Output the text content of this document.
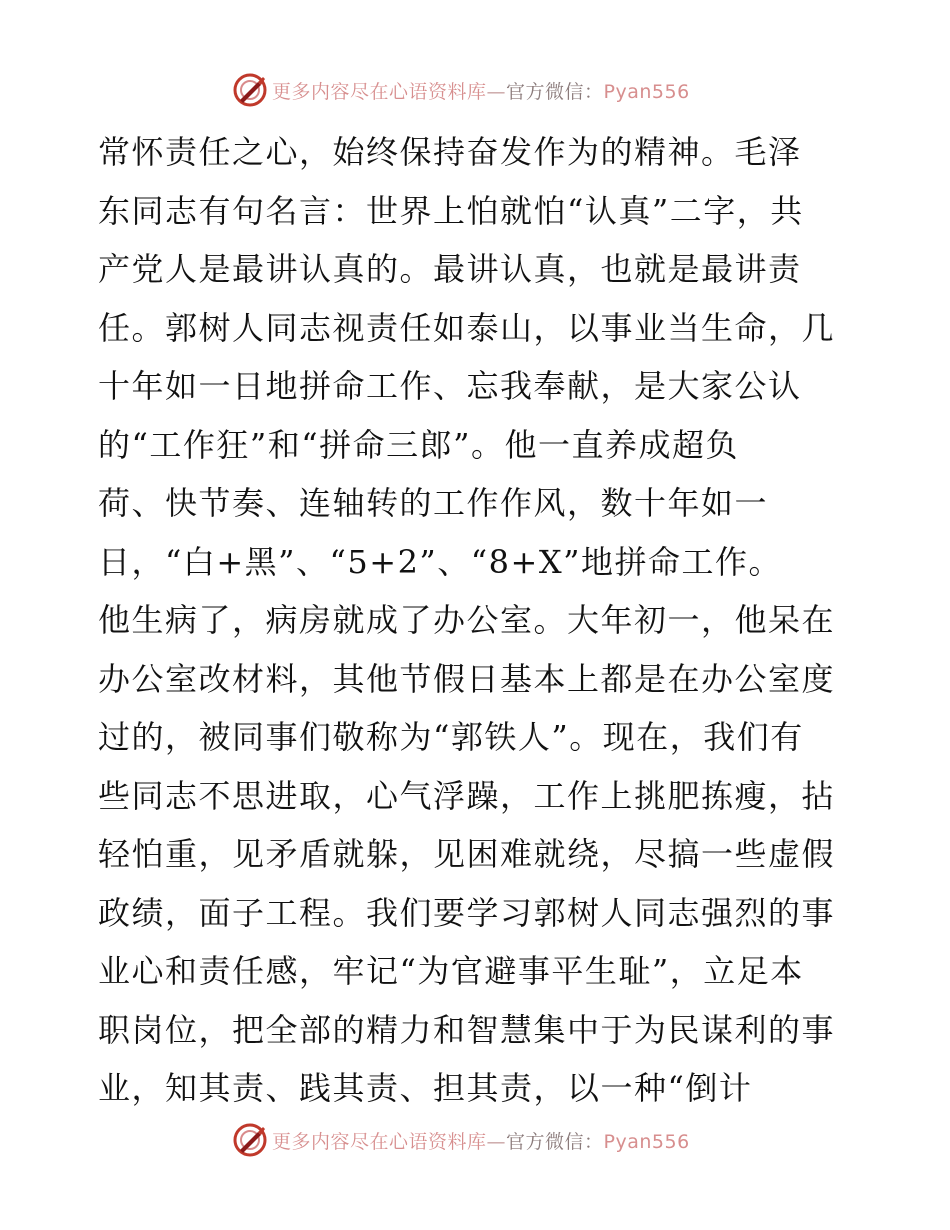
更多内容尽在心语资料库—官方微信：Pyan556
常怀责任之心，始终保持奋发作为的精神。毛泽
东同志有句名言：世界上怕就怕“认真”二字，共
产党人是最讲认真的。最讲认真，也就是最讲责
任。郭树人同志视责任如泰山，以事业当生命，几
十年如一日地拼命工作、忘我奉献，是大家公认
的“工作狂”和“拼命三郎”。他一直养成超负
荷、快节奏、连轴转的工作作风，数十年如一
日，“白+黑”、“5+2”、“8+X”地拼命工作。
他生病了，病房就成了办公室。大年初一，他呆在
办公室改材料，其他节假日基本上都是在办公室度
过的，被同事们敬称为“郭铁人”。现在，我们有
些同志不思进取，心气浮躁，工作上挑肥拣瘦，拈
轻怕重，见矛盾就躲，见困难就绕，尽搞一些虚假
政绩，面子工程。我们要学习郭树人同志强烈的事
业心和责任感，牢记“为官避事平生耻”，立足本
职岗位，把全部的精力和智慧集中于为民谋利的事
业，知其责、践其责、担其责，以一种“倒计
更多内容尽在心语资料库—官方微信：Pyan556
